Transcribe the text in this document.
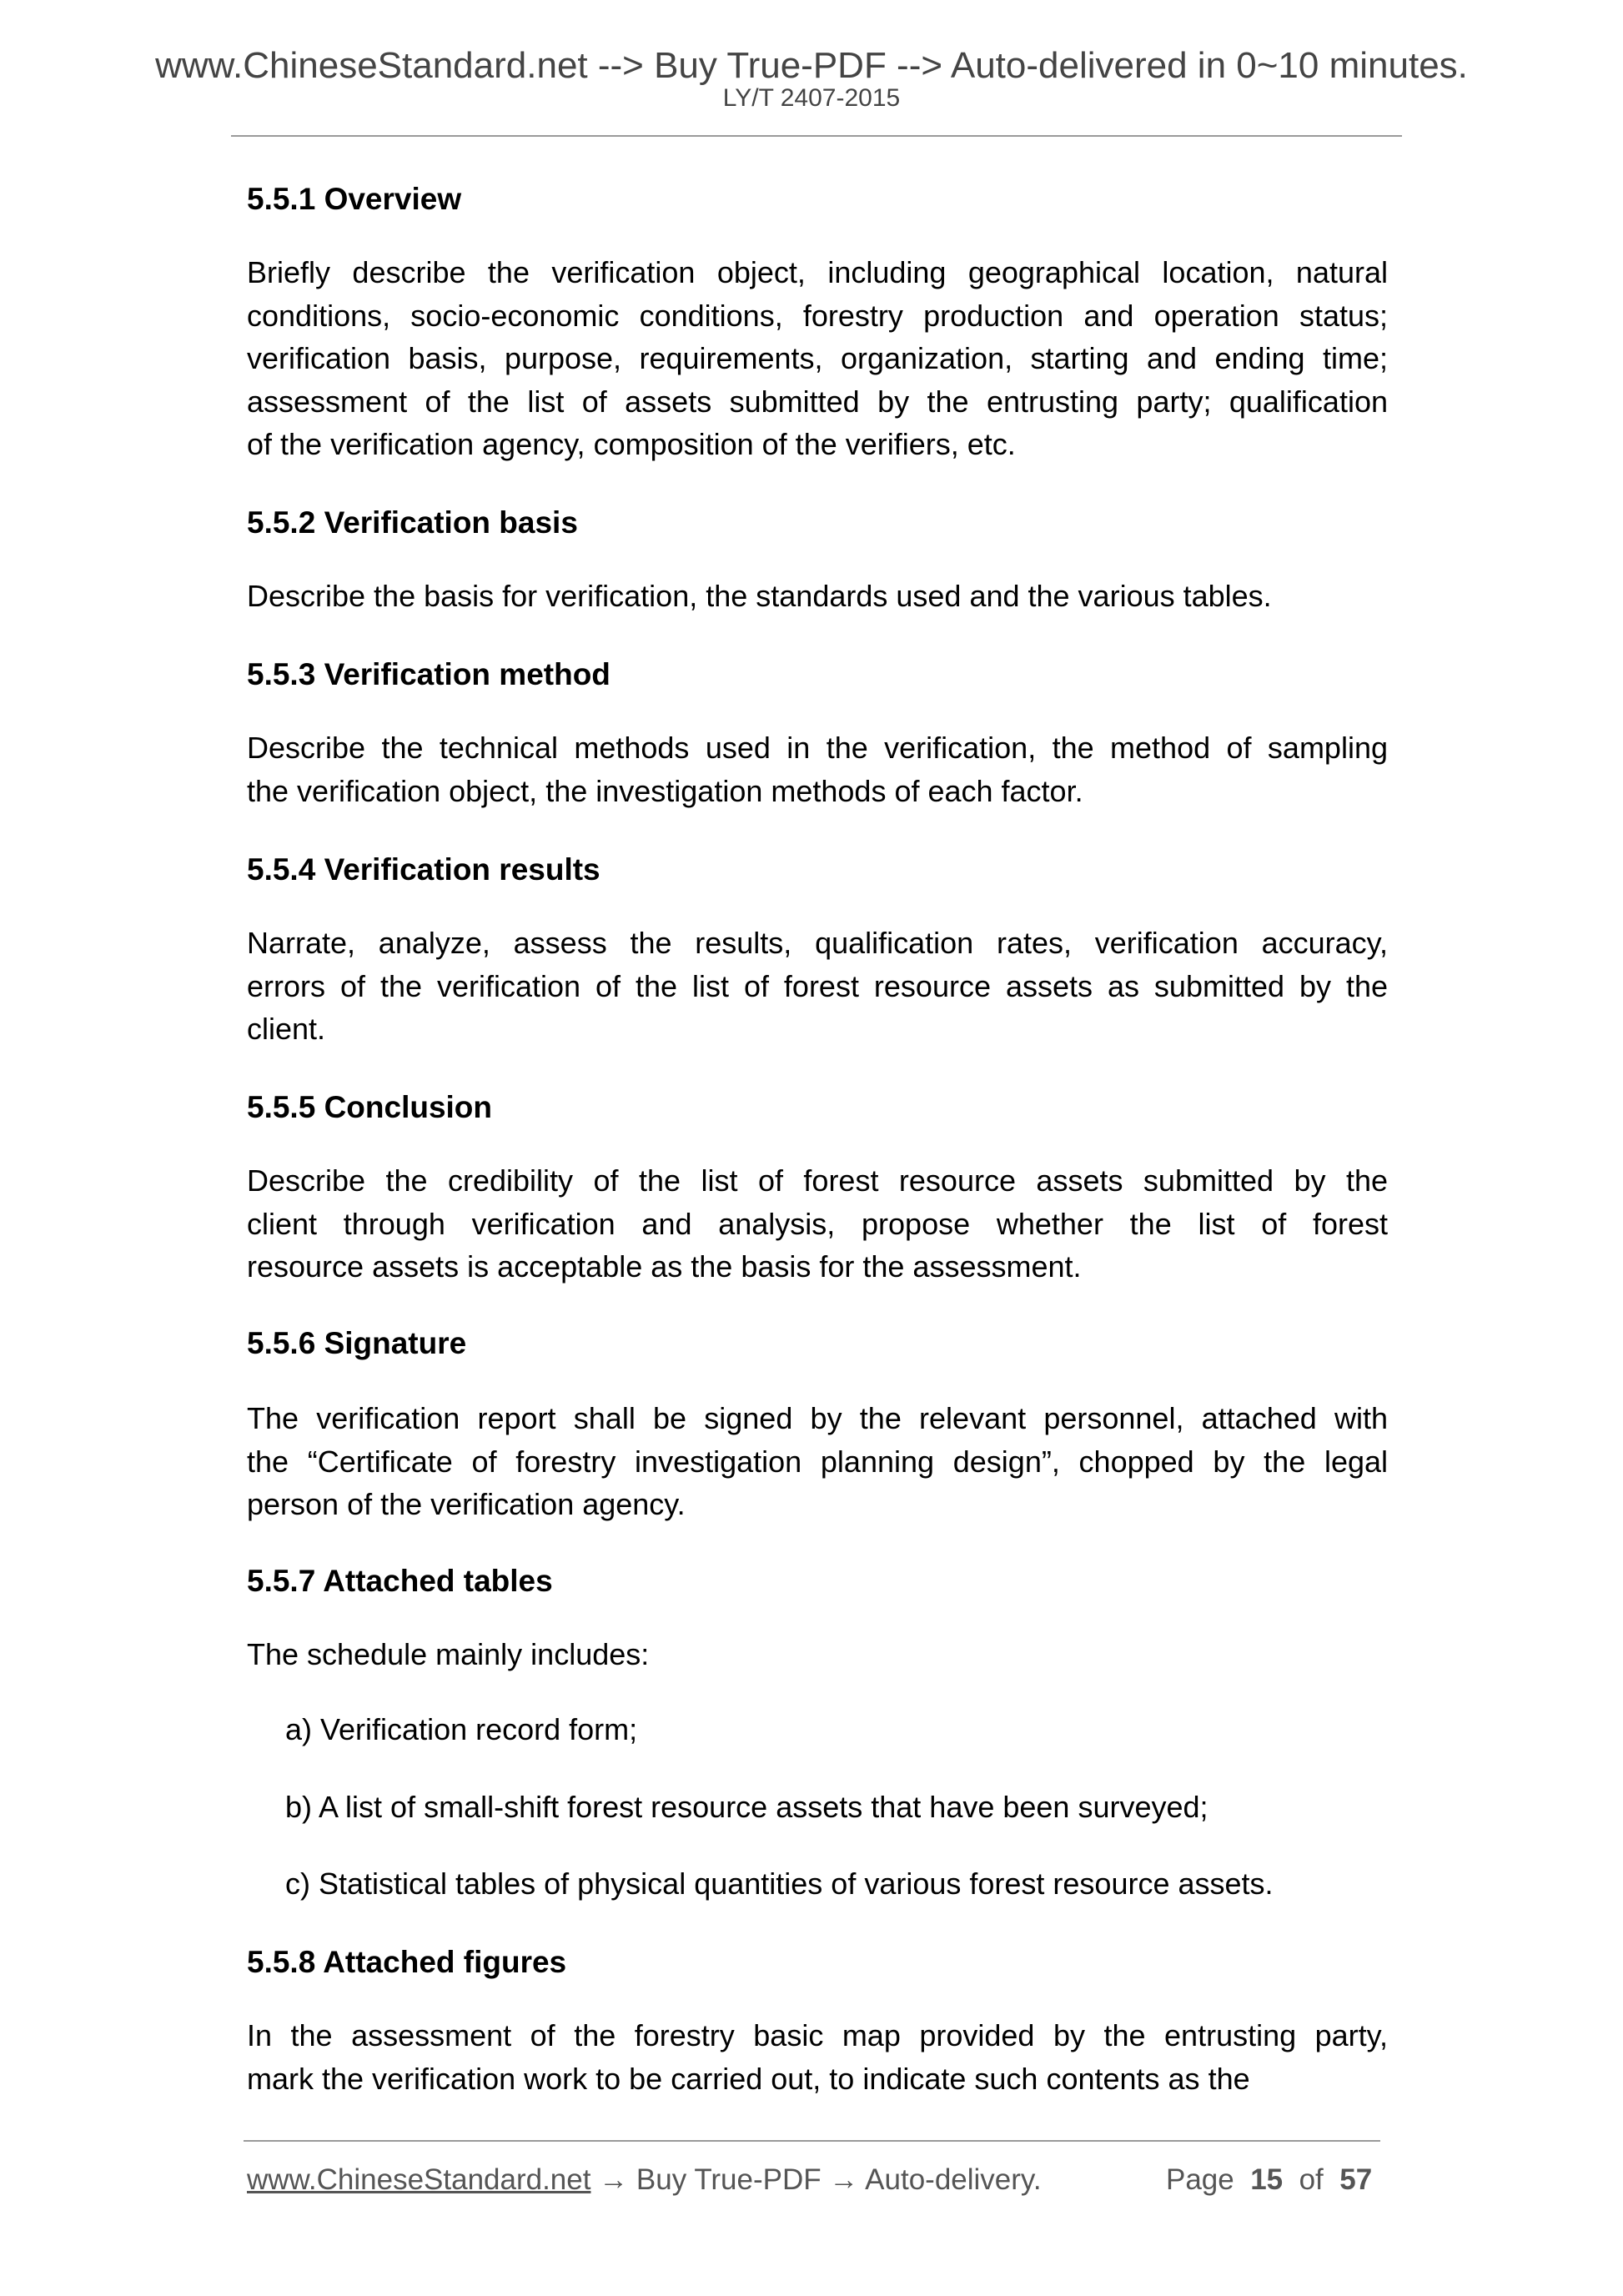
www.ChineseStandard.net --> Buy True-PDF --> Auto-delivered in 0~10 minutes.
LY/T 2407-2015
5.5.1 Overview
Briefly describe the verification object, including geographical location, natural
conditions, socio-economic conditions, forestry production and operation status;
verification basis, purpose, requirements, organization, starting and ending time;
assessment of the list of assets submitted by the entrusting party; qualification
of the verification agency, composition of the verifiers, etc.
5.5.2 Verification basis
Describe the basis for verification, the standards used and the various tables.
5.5.3 Verification method
Describe the technical methods used in the verification, the method of sampling
the verification object, the investigation methods of each factor.
5.5.4 Verification results
Narrate, analyze, assess the results, qualification rates, verification accuracy,
errors of the verification of the list of forest resource assets as submitted by the
client.
5.5.5 Conclusion
Describe the credibility of the list of forest resource assets submitted by the
client through verification and analysis, propose whether the list of forest
resource assets is acceptable as the basis for the assessment.
5.5.6 Signature
The verification report shall be signed by the relevant personnel, attached with
the “Certificate of forestry investigation planning design”, chopped by the legal
person of the verification agency.
5.5.7 Attached tables
The schedule mainly includes:
a) Verification record form;
b) A list of small-shift forest resource assets that have been surveyed;
c) Statistical tables of physical quantities of various forest resource assets.
5.5.8 Attached figures
In the assessment of the forestry basic map provided by the entrusting party,
mark the verification work to be carried out, to indicate such contents as the
www.ChineseStandard.net → Buy True-PDF → Auto-delivery.	Page 15 of 57
